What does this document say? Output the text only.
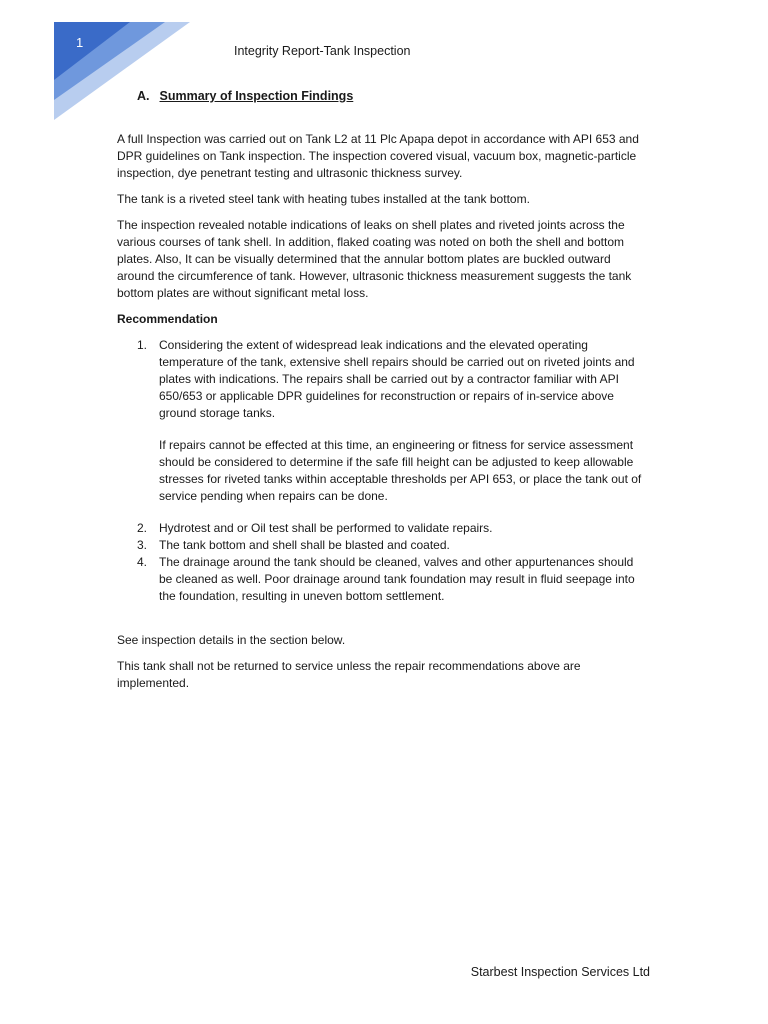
1
Integrity Report-Tank Inspection
A. Summary of Inspection Findings

A full Inspection was carried out on Tank L2 at 11 Plc Apapa depot in accordance with API 653 and DPR guidelines on Tank inspection. The inspection covered visual, vacuum box, magnetic-particle inspection, dye penetrant testing and ultrasonic thickness survey.

The tank is a riveted steel tank with heating tubes installed at the tank bottom.

The inspection revealed notable indications of leaks on shell plates and riveted joints across the various courses of tank shell. In addition, flaked coating was noted on both the shell and bottom plates. Also, It can be visually determined that the annular bottom plates are buckled outward around the circumference of tank. However, ultrasonic thickness measurement suggests the tank bottom plates are without significant metal loss.

Recommendation
1. Considering the extent of widespread leak indications and the elevated operating temperature of the tank, extensive shell repairs should be carried out on riveted joints and plates with indications. The repairs shall be carried out by a contractor familiar with API 650/653 or applicable DPR guidelines for reconstruction or repairs of in-service above ground storage tanks.

If repairs cannot be effected at this time, an engineering or fitness for service assessment should be considered to determine if the safe fill height can be adjusted to keep allowable stresses for riveted tanks within acceptable thresholds per API 653, or place the tank out of service pending when repairs can be done.

2. Hydrotest and or Oil test shall be performed to validate repairs.

3. The tank bottom and shell shall be blasted and coated.

4. The drainage around the tank should be cleaned, valves and other appurtenances should be cleaned as well. Poor drainage around tank foundation may result in fluid seepage into the foundation, resulting in uneven bottom settlement.

See inspection details in the section below.

This tank shall not be returned to service unless the repair recommendations above are implemented.

Starbest Inspection Services Ltd
